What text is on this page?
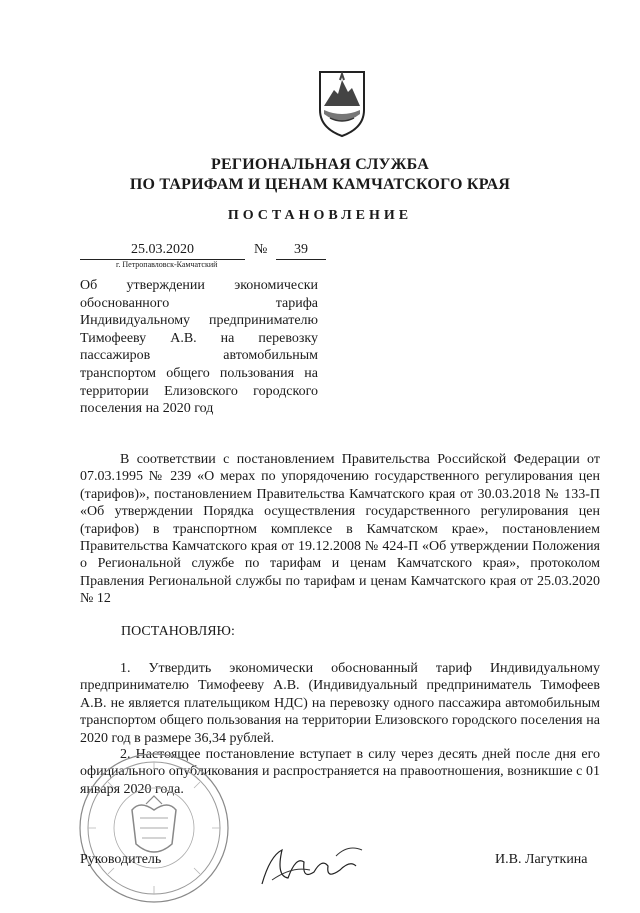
РЕГИОНАЛЬНАЯ СЛУЖБА
ПО ТАРИФАМ И ЦЕНАМ КАМЧАТСКОГО КРАЯ
ПОСТАНОВЛЕНИЕ
25.03.2020	№	39
г. Петропавловск-Камчатский
Об утверждении экономически обоснованного тарифа Индивидуальному предпринимателю Тимофееву А.В. на перевозку пассажиров автомобильным транспортом общего пользования на территории Елизовского городского поселения на 2020 год
В соответствии с постановлением Правительства Российской Федерации от 07.03.1995 № 239 «О мерах по упорядочению государственного регулирования цен (тарифов)», постановлением Правительства Камчатского края от 30.03.2018 № 133-П «Об утверждении Порядка осуществления государственного регулирования цен (тарифов) в транспортном комплексе в Камчатском крае», постановлением Правительства Камчатского края от 19.12.2008 № 424-П «Об утверждении Положения о Региональной службе по тарифам и ценам Камчатского края», протоколом Правления Региональной службы по тарифам и ценам Камчатского края от 25.03.2020 № 12
ПОСТАНОВЛЯЮ:
1. Утвердить экономически обоснованный тариф Индивидуальному предпринимателю Тимофееву А.В. (Индивидуальный предприниматель Тимофеев А.В. не является плательщиком НДС) на перевозку одного пассажира автомобильным транспортом общего пользования на территории Елизовского городского поселения на 2020 год в размере 36,34 рублей.
2. Настоящее постановление вступает в силу через десять дней после дня его официального опубликования и распространяется на правоотношения, возникшие с 01 января 2020 года.
Руководитель	И.В. Лагуткина
